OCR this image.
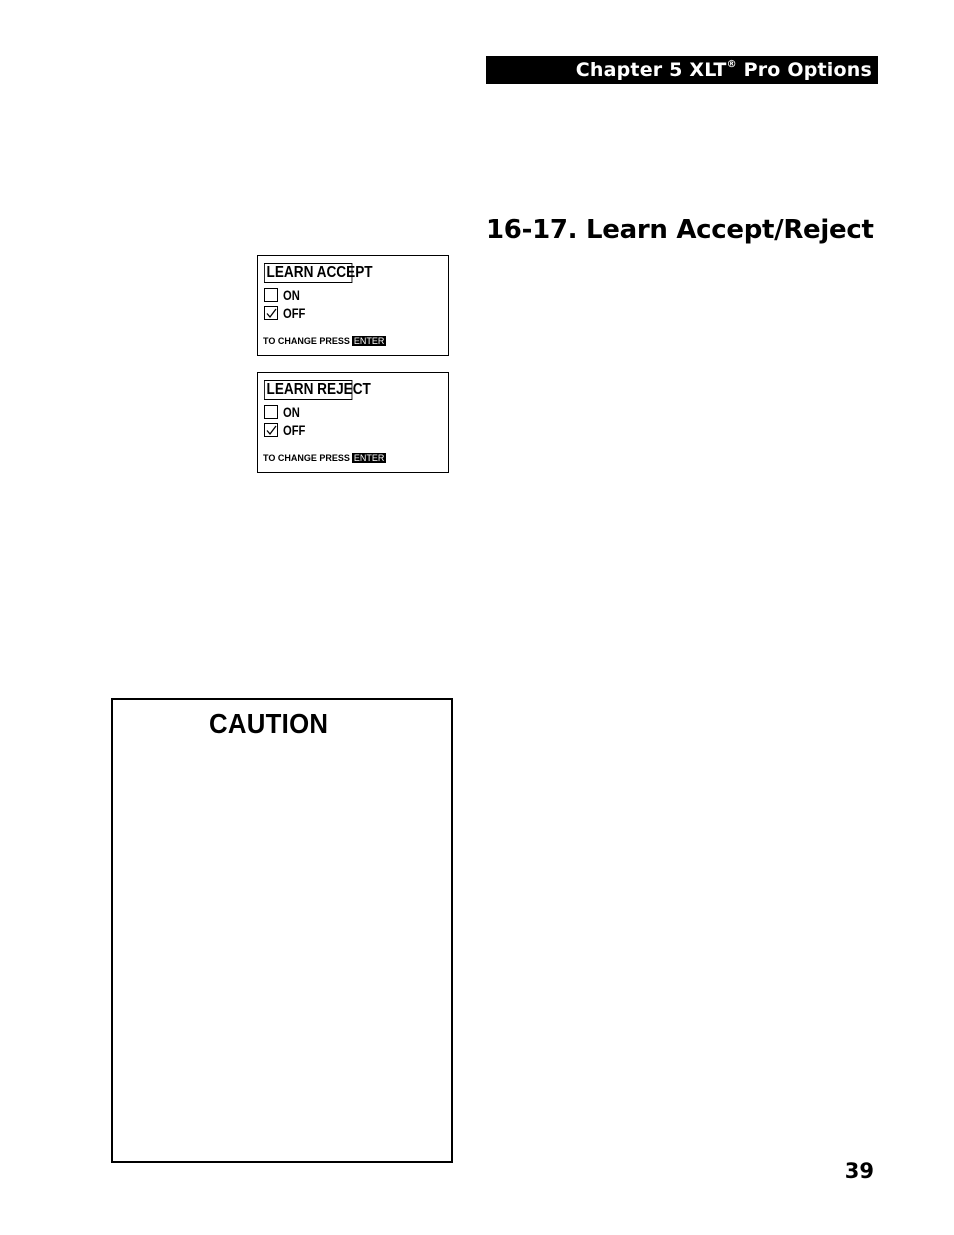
Chapter 5 XLT® Pro Options
16-17. Learn Accept/Reject
LEARN ACCEPT
ON
OFF
TO CHANGE PRESS ENTER
LEARN REJECT
ON
OFF
TO CHANGE PRESS ENTER
CAUTION
39
